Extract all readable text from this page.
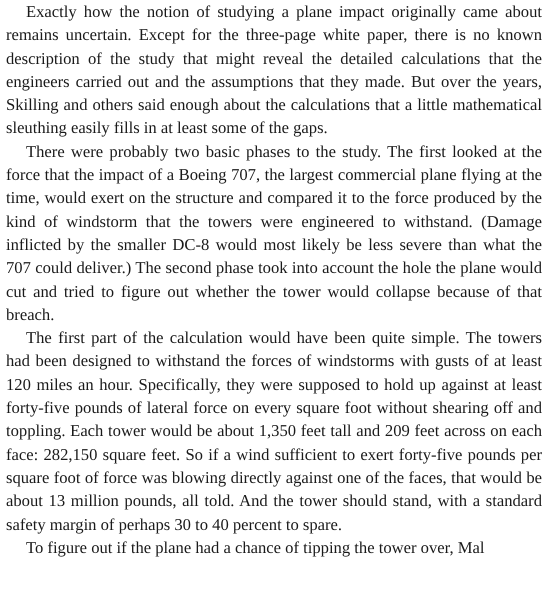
Exactly how the notion of studying a plane impact originally came about remains uncertain. Except for the three-page white paper, there is no known description of the study that might reveal the detailed calculations that the engineers carried out and the assumptions that they made. But over the years, Skilling and others said enough about the calculations that a little mathematical sleuthing easily fills in at least some of the gaps.

There were probably two basic phases to the study. The first looked at the force that the impact of a Boeing 707, the largest commercial plane flying at the time, would exert on the structure and compared it to the force produced by the kind of windstorm that the towers were engineered to withstand. (Damage inflicted by the smaller DC-8 would most likely be less severe than what the 707 could deliver.) The second phase took into account the hole the plane would cut and tried to figure out whether the tower would collapse because of that breach.

The first part of the calculation would have been quite simple. The towers had been designed to withstand the forces of windstorms with gusts of at least 120 miles an hour. Specifically, they were supposed to hold up against at least forty-five pounds of lateral force on every square foot without shearing off and toppling. Each tower would be about 1,350 feet tall and 209 feet across on each face: 282,150 square feet. So if a wind sufficient to exert forty-five pounds per square foot of force was blowing directly against one of the faces, that would be about 13 million pounds, all told. And the tower should stand, with a standard safety margin of perhaps 30 to 40 percent to spare.

To figure out if the plane had a chance of tipping the tower over, Mal
